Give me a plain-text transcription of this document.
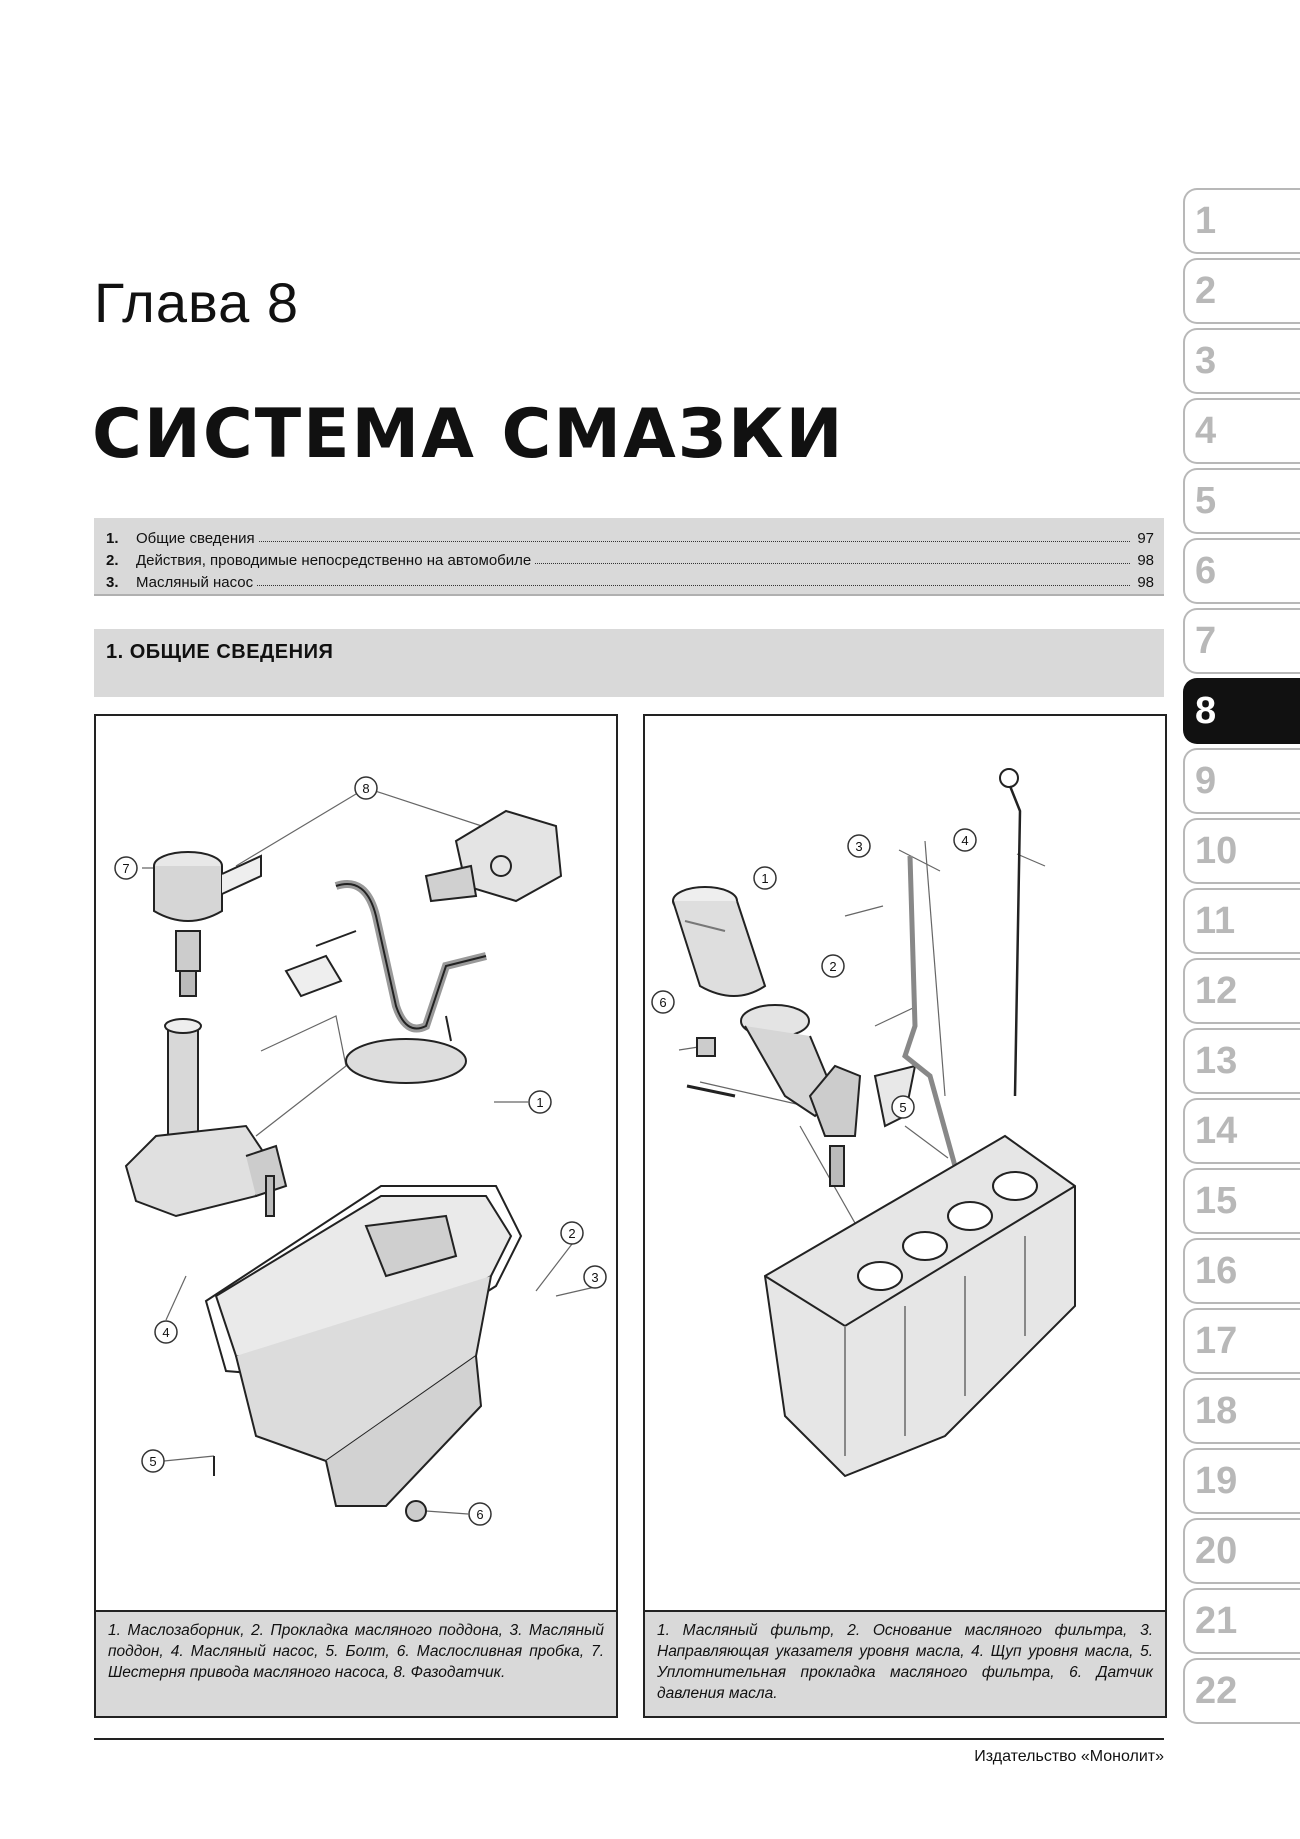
Глава 8
СИСТЕМА СМАЗКИ
1.	Общие сведения	97
2.	Действия, проводимые непосредственно на автомобиле	98
3.	Масляный насос	98
1. ОБЩИЕ СВЕДЕНИЯ
8
7
1
2
3
4
5
6
1. Маслозаборник, 2. Прокладка масляного поддона, 3. Масляный поддон, 4. Масляный насос, 5. Болт, 6. Маслосливная пробка, 7. Шестерня привода масляного насоса, 8. Фазодатчик.
3	4
1
2
6
5
1. Масляный фильтр, 2. Основание масляного фильтра, 3. Направляющая указателя уровня масла, 4. Щуп уровня масла, 5. Уплотнительная прокладка масляного фильтра, 6. Датчик давления масла.
Издательство «Монолит»
1
2
3
4
5
6
7
8
9
10
11
12
13
14
15
16
17
18
19
20
21
22
